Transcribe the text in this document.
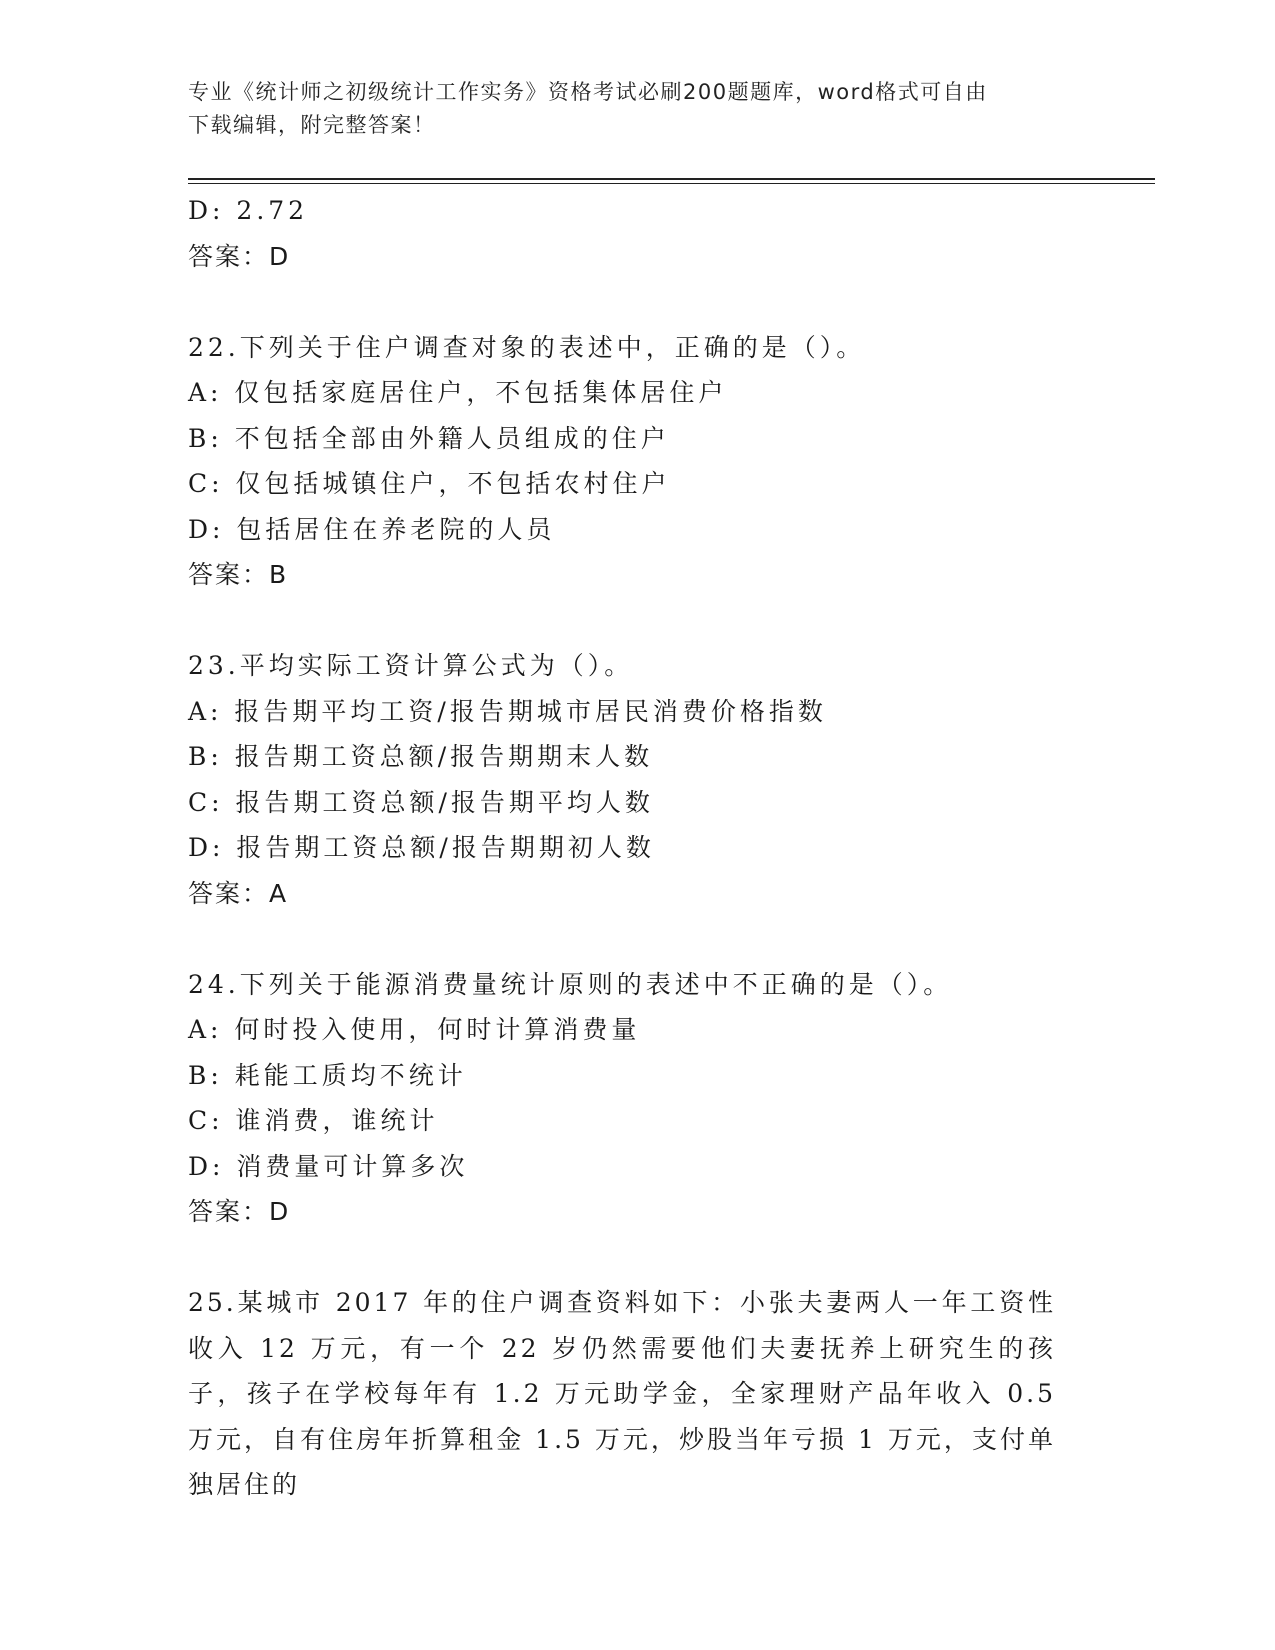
专业《统计师之初级统计工作实务》资格考试必刷200题题库，word格式可自由
下载编辑，附完整答案！
D: 2.72
答案：D
22.下列关于住户调查对象的表述中，正确的是（）。
A: 仅包括家庭居住户，不包括集体居住户
B: 不包括全部由外籍人员组成的住户
C: 仅包括城镇住户，不包括农村住户
D: 包括居住在养老院的人员
答案：B
23.平均实际工资计算公式为（）。
A: 报告期平均工资/报告期城市居民消费价格指数
B: 报告期工资总额/报告期期末人数
C: 报告期工资总额/报告期平均人数
D: 报告期工资总额/报告期期初人数
答案：A
24.下列关于能源消费量统计原则的表述中不正确的是（）。
A: 何时投入使用，何时计算消费量
B: 耗能工质均不统计
C: 谁消费，谁统计
D: 消费量可计算多次
答案：D
25.某城市 2017 年的住户调查资料如下：小张夫妻两人一年工资性收入 12 万元，有一个 22 岁仍然需要他们夫妻抚养上研究生的孩子，孩子在学校每年有 1.2 万元助学金，全家理财产品年收入 0.5 万元，自有住房年折算租金 1.5 万元，炒股当年亏损 1 万元，支付单独居住的
